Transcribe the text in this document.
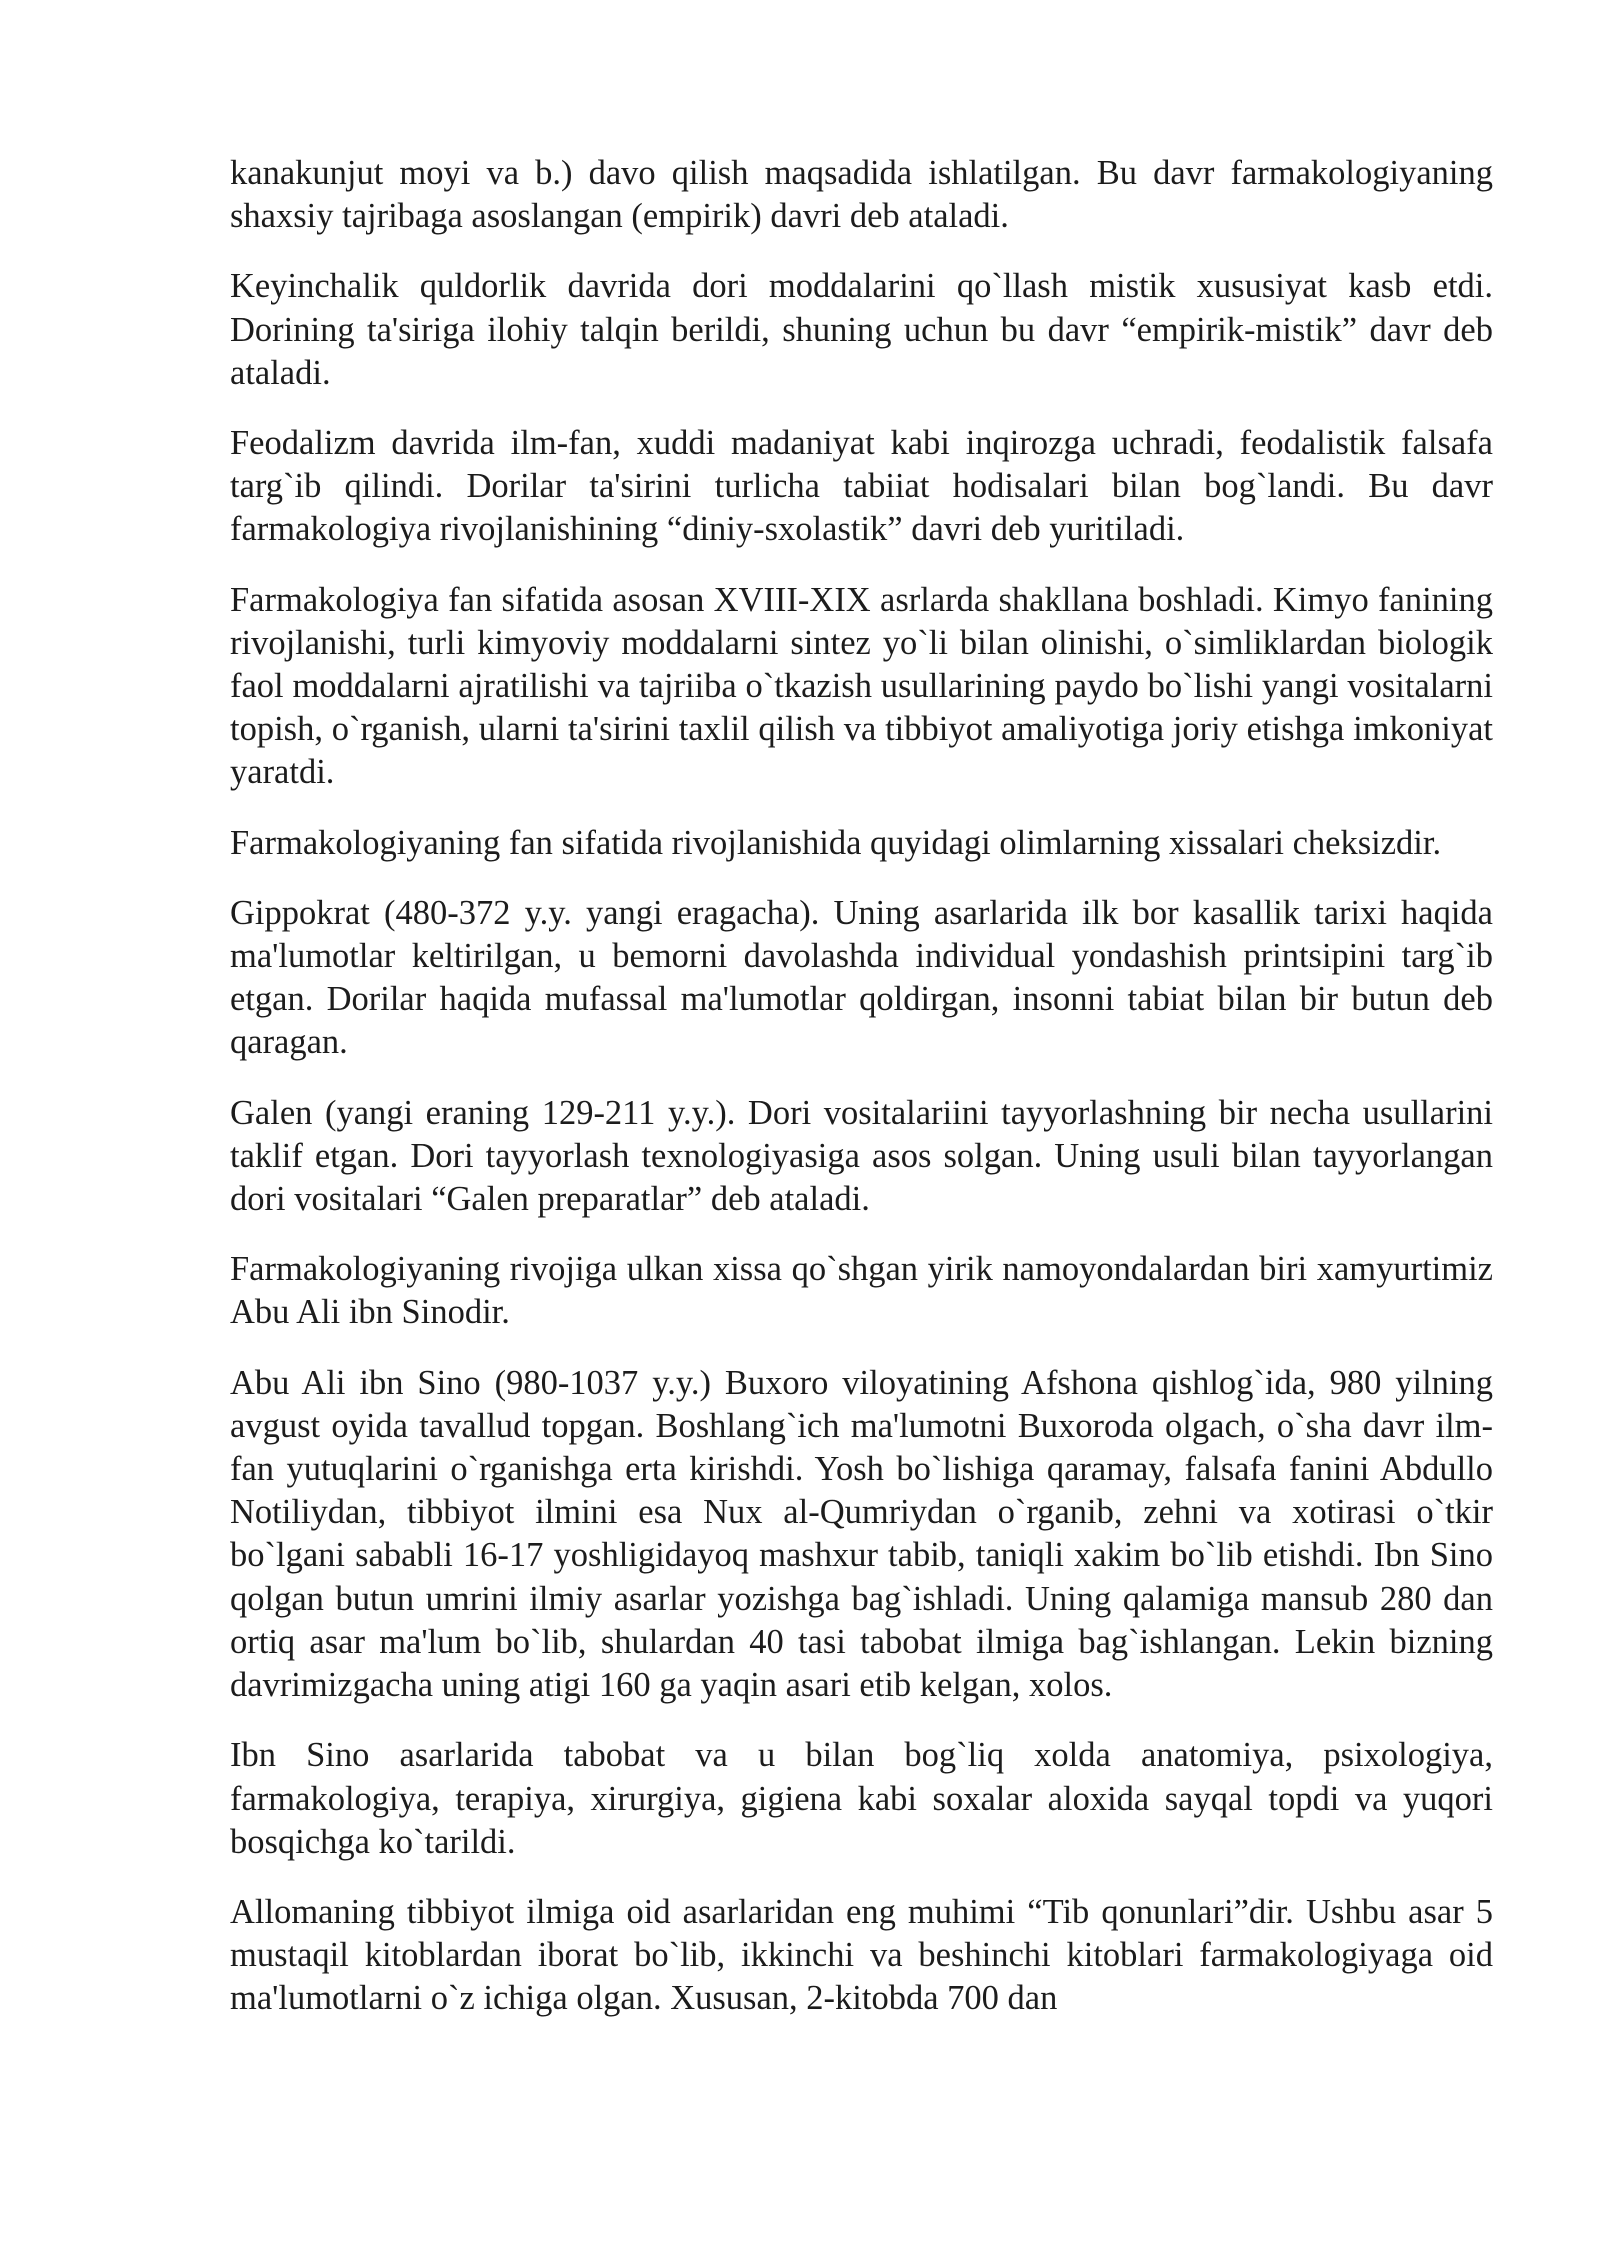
kanakunjut moyi va b.) davo qilish maqsadida ishlatilgan. Bu davr farmakologiyaning shaxsiy tajribaga asoslangan (empirik) davri deb ataladi.

Keyinchalik quldorlik davrida dori moddalarini qo`llash mistik xususiyat kasb etdi. Dorining ta'siriga ilohiy talqin berildi, shuning uchun bu davr “empirik-mistik” davr deb ataladi.

Feodalizm davrida ilm-fan, xuddi madaniyat kabi inqirozga uchradi, feodalistik falsafa targ`ib qilindi. Dorilar ta'sirini turlicha tabiiat hodisalari bilan bog`landi. Bu davr farmakologiya rivojlanishining “diniy-sxolastik” davri deb yuritiladi.

Farmakologiya fan sifatida asosan XVIII-XIX asrlarda shakllana boshladi. Kimyo fanining rivojlanishi, turli kimyoviy moddalarni sintez yo`li bilan olinishi, o`simliklardan biologik faol moddalarni ajratilishi va tajriiba o`tkazish usullarining paydo bo`lishi yangi vositalarni topish, o`rganish, ularni ta'sirini taxlil qilish va tibbiyot amaliyotiga joriy etishga imkoniyat yaratdi.

Farmakologiyaning fan sifatida rivojlanishida quyidagi olimlarning xissalari cheksizdir.

Gippokrat (480-372 y.y. yangi eragacha). Uning asarlarida ilk bor kasallik tarixi haqida ma'lumotlar keltirilgan, u bemorni davolashda individual yondashish printsipini targ`ib etgan. Dorilar haqida mufassal ma'lumotlar qoldirgan, insonni tabiat bilan bir butun deb qaragan.

Galen (yangi eraning 129-211 y.y.). Dori vositalariini tayyorlashning bir necha usullarini taklif etgan. Dori tayyorlash texnologiyasiga asos solgan. Uning usuli bilan tayyorlangan dori vositalari “Galen preparatlar” deb ataladi.

Farmakologiyaning rivojiga ulkan xissa qo`shgan yirik namoyondalardan biri xamyurtimiz Abu Ali ibn Sinodir.

Abu Ali ibn Sino (980-1037 y.y.) Buxoro viloyatining Afshona qishlog`ida, 980 yilning avgust oyida tavallud topgan. Boshlang`ich ma'lumotni Buxoroda olgach, o`sha davr ilm-fan yutuqlarini o`rganishga erta kirishdi. Yosh bo`lishiga qaramay, falsafa fanini Abdullo Notiliydan, tibbiyot ilmini esa Nux al-Qumriydan o`rganib, zehni va xotirasi o`tkir bo`lgani sababli 16-17 yoshligidayoq mashxur tabib, taniqli xakim bo`lib etishdi. Ibn Sino qolgan butun umrini ilmiy asarlar yozishga bag`ishladi. Uning qalamiga mansub 280 dan ortiq asar ma'lum bo`lib, shulardan 40 tasi tabobat ilmiga bag`ishlangan. Lekin bizning davrimizgacha uning atigi 160 ga yaqin asari etib kelgan, xolos.

Ibn Sino asarlarida tabobat va u bilan bog`liq xolda anatomiya, psixologiya, farmakologiya, terapiya, xirurgiya, gigiena kabi soxalar aloxida sayqal topdi va yuqori bosqichga ko`tarildi.

Allomaning tibbiyot ilmiga oid asarlaridan eng muhimi “Tib qonunlari”dir. Ushbu asar 5 mustaqil kitoblardan iborat bo`lib, ikkinchi va beshinchi kitoblari farmakologiyaga oid ma'lumotlarni o`z ichiga olgan. Xususan, 2-kitobda 700 dan
